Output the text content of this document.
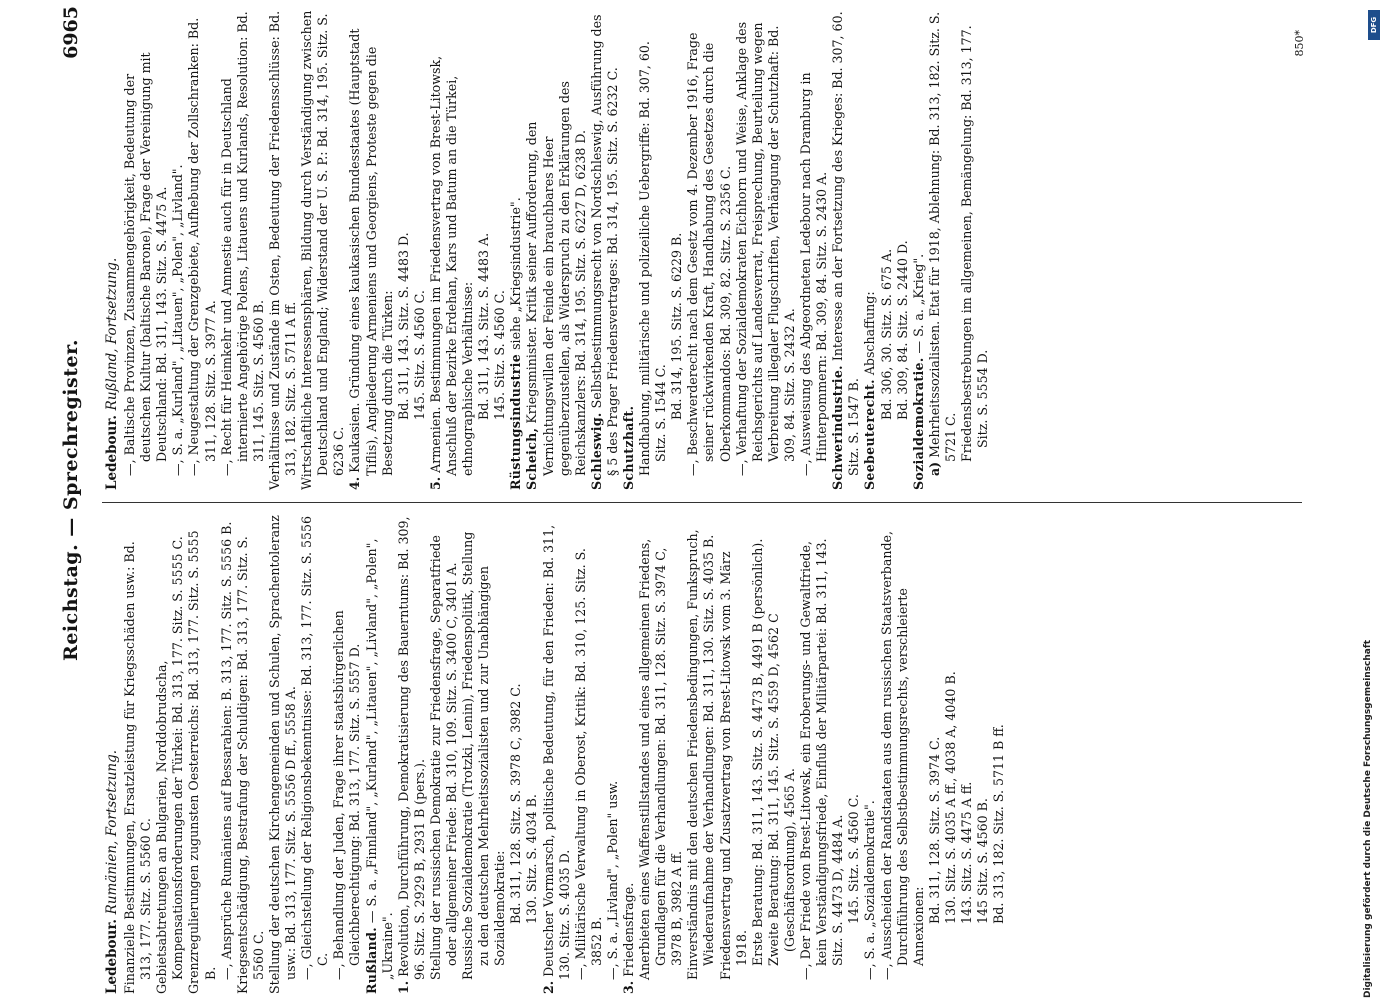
Reichstag. — Sprechregister.
6965
Ledebour. Rumänien, Fortsetzung. Finanzielle Bestimmungen, Ersatzleistung für Kriegsschäden usw.: Bd. 313, 177. Sitz. S. 5560 C. Gebietsabtretungen an Bulgarien, Norddobrudscha, Kompensationsforderungen der Türkei: Bd. 313, 177. Sitz. S. 5555 C. Grenzregulierungen zugunsten Oesterreichs: Bd. 313, 177. Sitz. S. 5555 B. —, Ansprüche Rumäniens auf Bessarabien: B. 313, 177. Sitz. S. 5556 B. Kriegsentschädigung, Bestrafung der Schuldigen: Bd. 313, 177. Sitz. S. 5560 C. Stellung der deutschen Kirchengemeinden und Schulen, Sprachentoleranz usw.: Bd. 313, 177. Sitz. S. 5556 D ff., 5558 A. —, Gleichstellung der Religionsbekenntnisse: Bd. 313, 177. Sitz. S. 5556 C. —, Behandlung der Juden, Frage ihrer staatsbürgerlichen Gleichberechtigung: Bd. 313, 177. Sitz. S. 5557 D. Rußland. — S. a. „Finnland", „Kurland", „Litauen", „Livland", „Polen", „Ukraine".
1. Revolution, Durchführung, Demokratisierung des Bauerntums: Bd. 309, 96. Sitz. S. 2929 B, 2931 B (pers.). Stellung der russischen Demokratie zur Friedensfrage, Separatfriede oder allgemeiner Friede: Bd. 310, 109. Sitz. S. 3400 C, 3401 A. Russische Sozialdemokratie (Trotzki, Lenin), Friedenspolitik, Stellung zu den deutschen Mehrheitssozialisten und zur Unabhängigen Sozialdemokratie: Bd. 311, 128. Sitz. S. 3978 C, 3982 C. 130. Sitz. S. 4034 B.
2. Deutscher Vormarsch, politische Bedeutung, für den Frieden: Bd. 311, 130. Sitz. S. 4035 D. —, Militärische Verwaltung in Oberost, Kritik: Bd. 310, 125. Sitz. S. 3852 B. —, S. a. „Livland", „Polen" usw.
3. Friedensfrage. Anerbieten eines Waffenstillstandes und eines allgemeinen Friedens, Grundlagen für die Verhandlungen: Bd. 311, 128. Sitz. S. 3974 C, 3978 B, 3982 A ff. Einverständnis mit den deutschen Friedensbedingungen, Funkspruch, Wiederaufnahme der Verhandlungen: Bd. 311, 130. Sitz. S. 4035 B. Friedensvertrag und Zusatzvertrag von Brest-Litowsk vom 3. März 1918. Erste Beratung: Bd. 311, 143. Sitz. S. 4473 B, 4491 B (persönlich). Zweite Beratung: Bd. 311, 145. Sitz. S. 4559 D, 4562 C (Geschäftsordnung), 4565 A. —, Der Friede von Brest-Litowsk, ein Eroberungs- und Gewaltfriede, kein Verständigungsfriede, Einfluß der Militärpartei: Bd. 311, 143. Sitz. S. 4473 D, 4484 A. 145. Sitz. S. 4560 C. —, S. a. „Sozialdemokratie". —, Ausscheiden der Randstaaten aus dem russischen Staatsverbande, Durchführung des Selbstbestimmungsrechts, verschleierte Annexionen:
Bd. 311, 128. Sitz. S. 3974 C. 130. Sitz. S. 4035 A ff., 4038 A, 4040 B. 143. Sitz. S. 4475 A ff. 145 Sitz. S. 4560 B. Bd. 313, 182. Sitz. S. 5711 B ff.
Ledebour. Rußland, Fortsetzung. —, Baltische Provinzen, Zusammengehörigkeit, Bedeutung der deutschen Kultur (baltische Barone), Frage der Vereinigung mit Deutschland: Bd. 311, 143. Sitz. S. 4475 A. —, S. a. „Kurland", „Litauen", „Polen", „Livland". —, Neugestaltung der Grenzgebiete, Aufhebung der Zollschranken: Bd. 311, 128. Sitz. S. 3977 A. —, Recht für Heimkehr und Amnestie auch für in Deutschland internierte Angehörige Polens, Litauens und Kurlands, Resolution: Bd. 311, 145. Sitz. S. 4560 B. Verhältnisse und Zustände im Osten, Bedeutung der Friedensschlüsse: Bd. 313, 182. Sitz. S. 5711 A ff. Wirtschaftliche Interessensphären, Bildung durch Verständigung zwischen Deutschland und England; Widerstand der U. S. P.: Bd. 314, 195. Sitz. S. 6236 C.
4. Kaukasien. Gründung eines kaukasischen Bundesstaates (Hauptstadt Tiflis), Angliederung Armeniens und Georgiens, Proteste gegen die Besetzung durch die Türken: Bd. 311, 143. Sitz. S. 4483 D. 145. Sitz. S. 4560 C.
5. Armenien. Bestimmungen im Friedensvertrag von Brest-Litowsk, Anschluß der Bezirke Erdehan, Kars und Batum an die Türkei, ethnographische Verhältnisse: Bd. 311, 143. Sitz. S. 4483 A. 145. Sitz. S. 4560 C. Rüstungsindustrie siehe „Kriegsindustrie".
Scheich, Kriegsminister. Kritik seiner Aufforderung, den Vernichtungswillen der Feinde ein brauchbares Heer gegenüberzustellen, als Widerspruch zu den Erklärungen des Reichskanzlers: Bd. 314, 195. Sitz. S. 6227 D, 6238 D. Schleswig. Selbstbestimmungsrecht von Nordschleswig, Ausführung des § 5 des Prager Friedensvertrages: Bd. 314, 195. Sitz. S. 6232 C. Schutzhaft. Handhabung, militärische und polizeiliche Uebergriffe: Bd. 307, 60. Sitz. S. 1544 C. Bd. 314, 195. Sitz. S. 6229 B. —, Beschwerderecht nach dem Gesetz vom 4. Dezember 1916, Frage seiner rückwirkenden Kraft, Handhabung des Gesetzes durch die Oberkommandos: Bd. 309, 82. Sitz. S. 2356 C. —, Verhaftung der Sozialdemokraten Eichhorn und Weise, Anklage des Reichsgerichts auf Landesverrat, Freisprechung, Beurteilung wegen Verbreitung illegaler Flugschriften, Verhängung der Schutzhaft: Bd. 309, 84. Sitz. S. 2432 A. —, Ausweisung des Abgeordneten Ledebour nach Dramburg in Hinterpommern: Bd. 309, 84. Sitz. S. 2430 A. Schwerindustrie. Interesse an der Fortsetzung des Krieges: Bd. 307, 60. Sitz. S. 1547 B. Seebeuterecht. Abschaffung: Bd. 306, 30. Sitz. S. 675 A. Bd. 309, 84. Sitz. S. 2440 D.
Sozialdemokratie. — S. a. „Krieg".
a) Mehrheitssozialisten. Etat für 1918, Ablehnung: Bd. 313, 182. Sitz. S. 5721 C. Friedensbestrebungen im allgemeinen, Bemängelung: Bd. 313, 177. Sitz. S. 5554 D.
850*
DFG
Digitalisierung gefördert durch die Deutsche Forschungsgemeinschaft
